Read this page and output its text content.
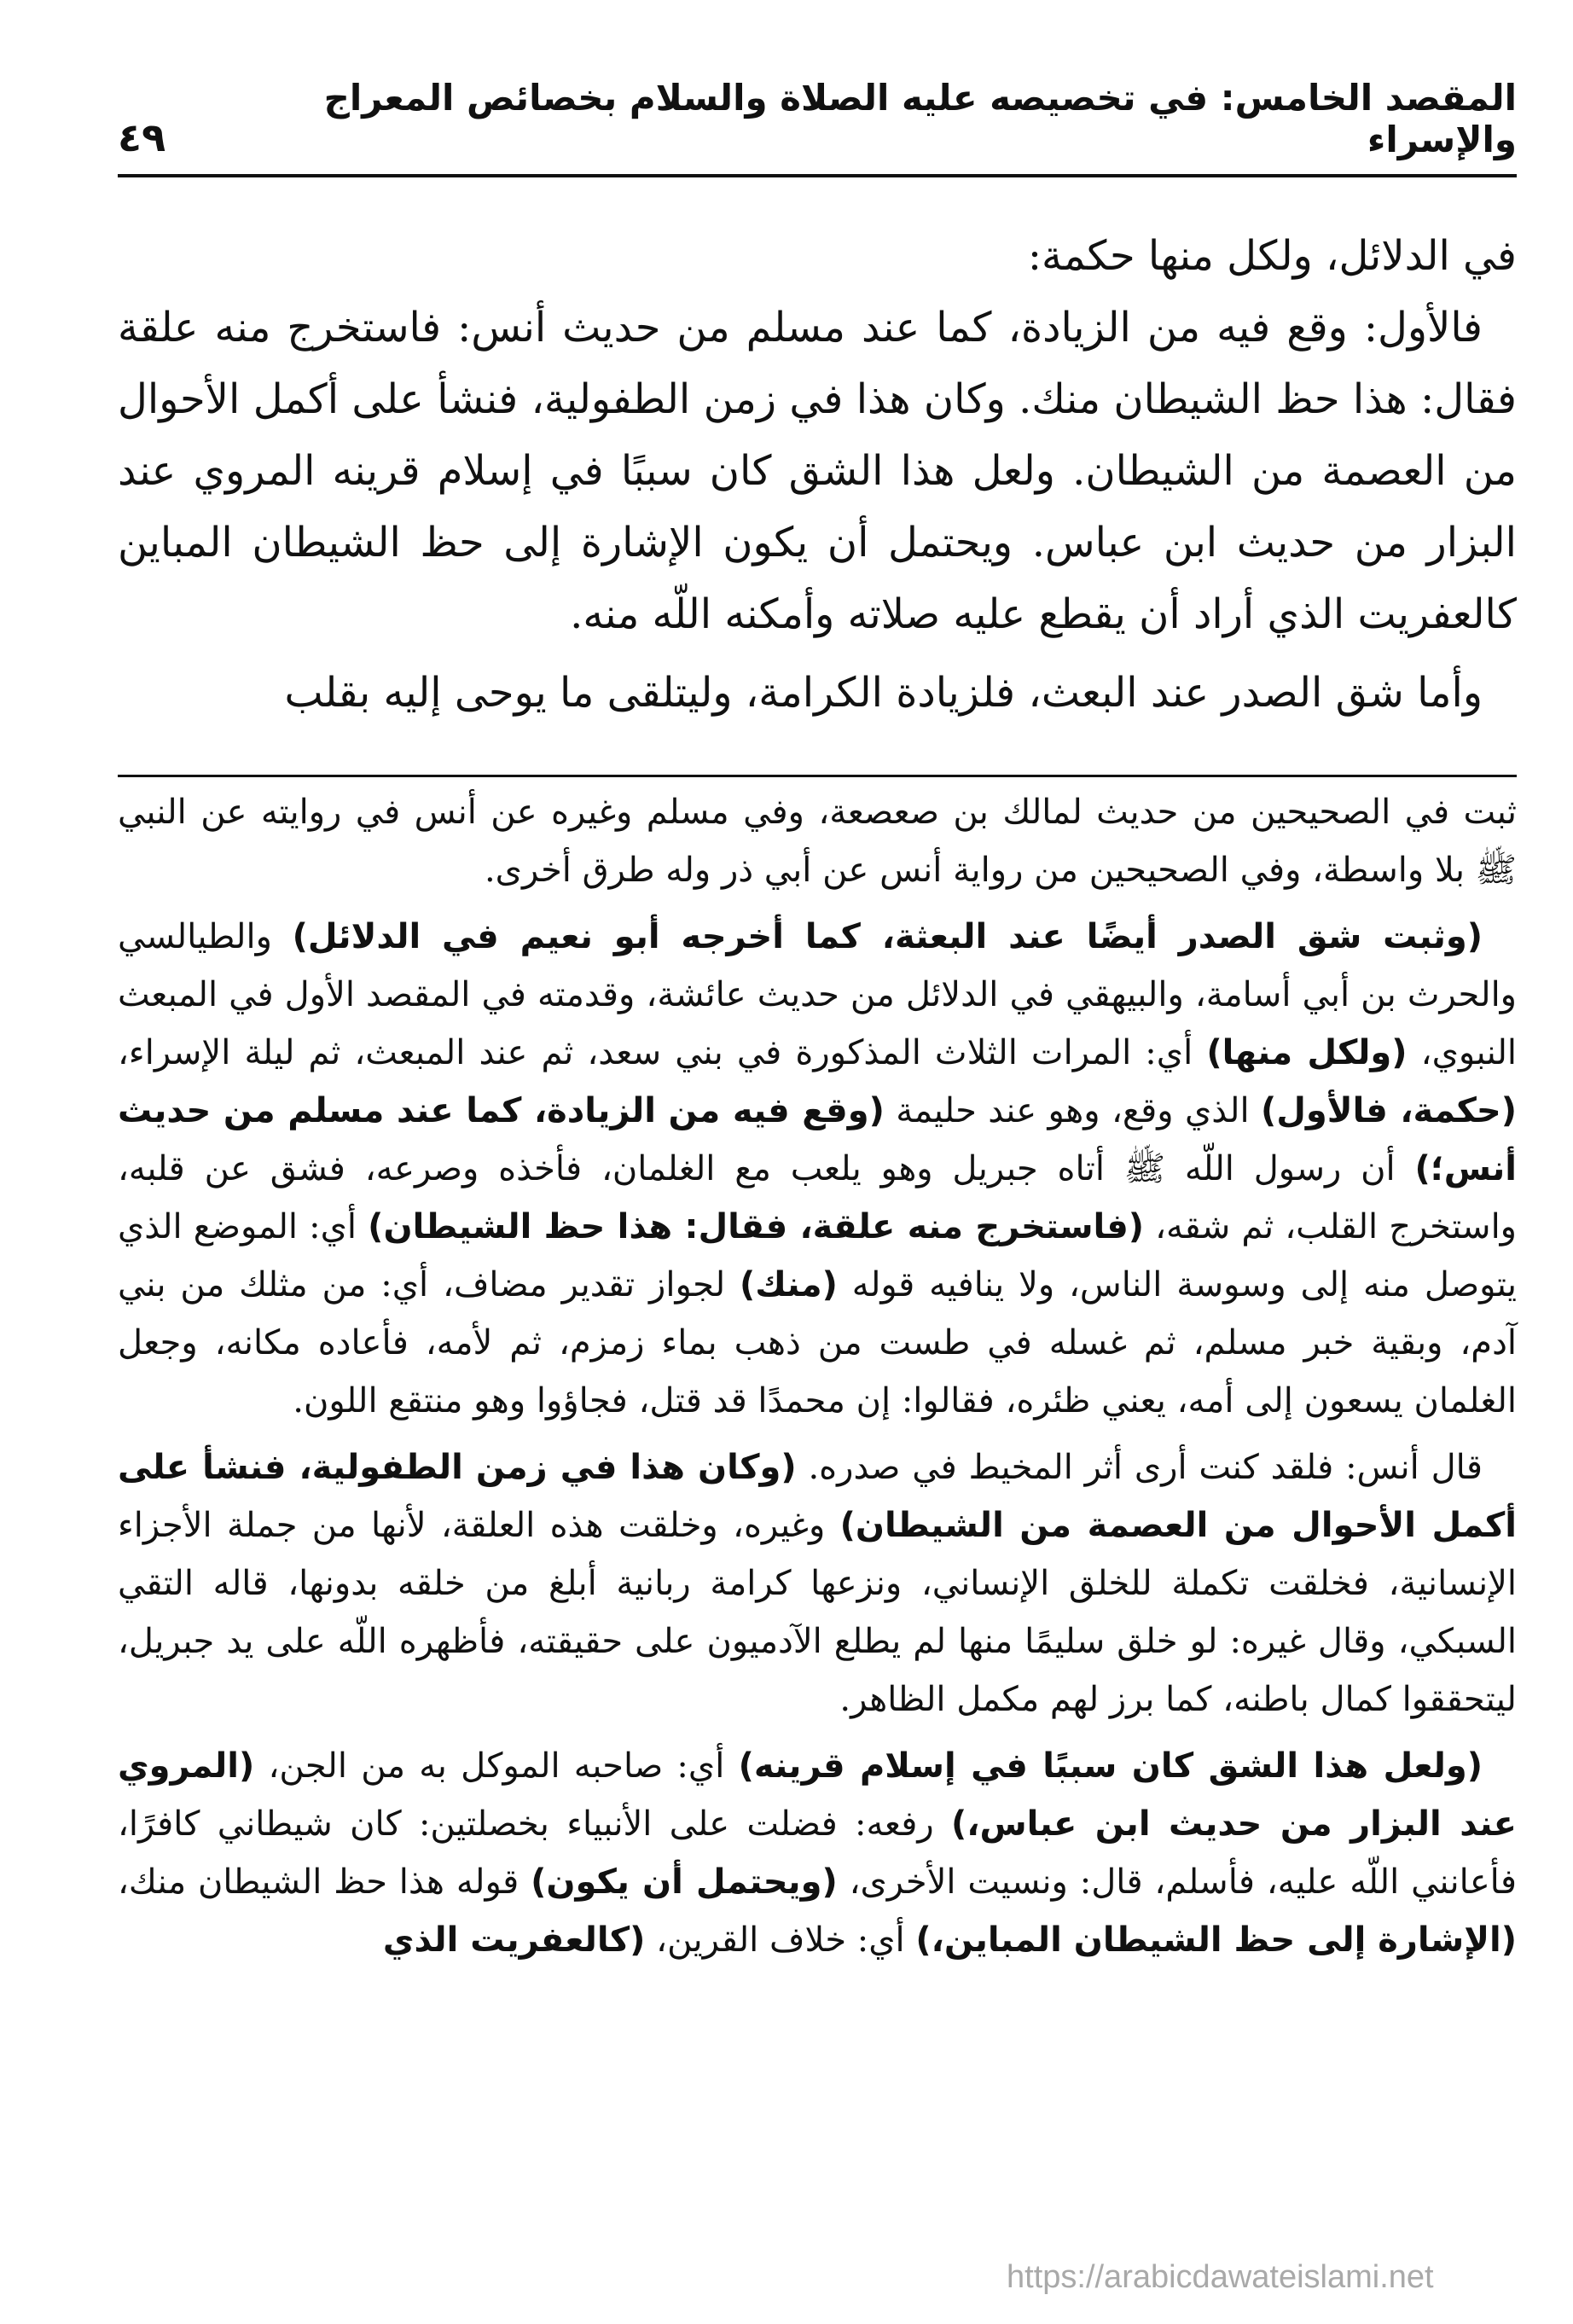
المقصد الخامس: في تخصيصه عليه الصلاة والسلام بخصائص المعراج والإسراء
٤٩

في الدلائل، ولكل منها حكمة:

فالأول: وقع فيه من الزيادة، كما عند مسلم من حديث أنس: فاستخرج منه علقة فقال: هذا حظ الشيطان منك. وكان هذا في زمن الطفولية، فنشأ على أكمل الأحوال من العصمة من الشيطان. ولعل هذا الشق كان سببًا في إسلام قرينه المروي عند البزار من حديث ابن عباس. ويحتمل أن يكون الإشارة إلى حظ الشيطان المباين كالعفريت الذي أراد أن يقطع عليه صلاته وأمكنه اللّه منه.

وأما شق الصدر عند البعث، فلزيادة الكرامة، وليتلقى ما يوحى إليه بقلب

ثبت في الصحيحين من حديث لمالك بن صعصعة، وفي مسلم وغيره عن أنس في روايته عن النبي ﷺ بلا واسطة، وفي الصحيحين من رواية أنس عن أبي ذر وله طرق أخرى.

(وثبت شق الصدر أيضًا عند البعثة، كما أخرجه أبو نعيم في الدلائل) والطيالسي والحرث بن أبي أسامة، والبيهقي في الدلائل من حديث عائشة، وقدمته في المقصد الأول في المبعث النبوي، (ولكل منها) أي: المرات الثلاث المذكورة في بني سعد، ثم عند المبعث، ثم ليلة الإسراء، (حكمة، فالأول) الذي وقع، وهو عند حليمة (وقع فيه من الزيادة، كما عند مسلم من حديث أنس؛) أن رسول اللّه ﷺ أتاه جبريل وهو يلعب مع الغلمان، فأخذه وصرعه، فشق عن قلبه، واستخرج القلب، ثم شقه، (فاستخرج منه علقة، فقال: هذا حظ الشيطان) أي: الموضع الذي يتوصل منه إلى وسوسة الناس، ولا ينافيه قوله (منك) لجواز تقدير مضاف، أي: من مثلك من بني آدم، وبقية خبر مسلم، ثم غسله في طست من ذهب بماء زمزم، ثم لأمه، فأعاده مكانه، وجعل الغلمان يسعون إلى أمه، يعني ظئره، فقالوا: إن محمدًا قد قتل، فجاؤوا وهو منتقع اللون.

قال أنس: فلقد كنت أرى أثر المخيط في صدره. (وكان هذا في زمن الطفولية، فنشأ على أكمل الأحوال من العصمة من الشيطان) وغيره، وخلقت هذه العلقة، لأنها من جملة الأجزاء الإنسانية، فخلقت تكملة للخلق الإنساني، ونزعها كرامة ربانية أبلغ من خلقه بدونها، قاله التقي السبكي، وقال غيره: لو خلق سليمًا منها لم يطلع الآدميون على حقيقته، فأظهره اللّه على يد جبريل، ليتحققوا كمال باطنه، كما برز لهم مكمل الظاهر.

(ولعل هذا الشق كان سببًا في إسلام قرينه) أي: صاحبه الموكل به من الجن، (المروي عند البزار من حديث ابن عباس،) رفعه: فضلت على الأنبياء بخصلتين: كان شيطاني كافرًا، فأعانني اللّه عليه، فأسلم، قال: ونسيت الأخرى، (ويحتمل أن يكون) قوله هذا حظ الشيطان منك، (الإشارة إلى حظ الشيطان المباين،) أي: خلاف القرين، (كالعفريت الذي

https://arabicdawateislami.net
